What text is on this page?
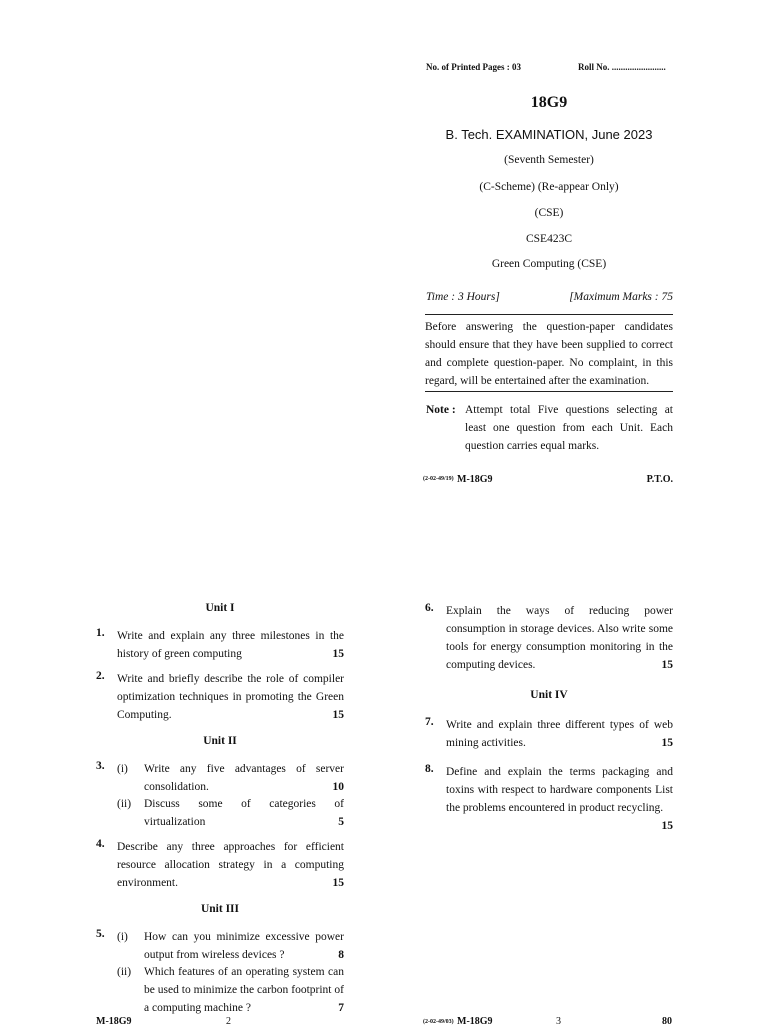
No. of Printed Pages : 03	Roll No. ........................
18G9
B. Tech. EXAMINATION, June 2023
(Seventh Semester)
(C-Scheme) (Re-appear Only)
(CSE)
CSE423C
Green Computing (CSE)
Time : 3 Hours]	[Maximum Marks : 75
Before answering the question-paper candidates should ensure that they have been supplied to correct and complete question-paper. No complaint, in this regard, will be entertained after the examination.
Note : Attempt total Five questions selecting at least one question from each Unit. Each question carries equal marks.
(2-02-49/19) M-18G9	P.T.O.
Unit I
1. Write and explain any three milestones in the history of green computing	15
2. Write and briefly describe the role of compiler optimization techniques in promoting the Green Computing.	15
Unit II
3. (i) Write any five advantages of server consolidation.	10
(ii) Discuss some of categories of virtualization	5
4. Describe any three approaches for efficient resource allocation strategy in a computing environment.	15
Unit III
5. (i) How can you minimize excessive power output from wireless devices ?	8
(ii) Which features of an operating system can be used to minimize the carbon footprint of a computing machine ?	7
M-18G9	2
6. Explain the ways of reducing power consumption in storage devices. Also write some tools for energy consumption monitoring in the computing devices.	15
Unit IV
7. Write and explain three different types of web mining activities.	15
8. Define and explain the terms packaging and toxins with respect to hardware components List the problems encountered in product recycling.
15
(2-02-49/03) M-18G9	3	80
